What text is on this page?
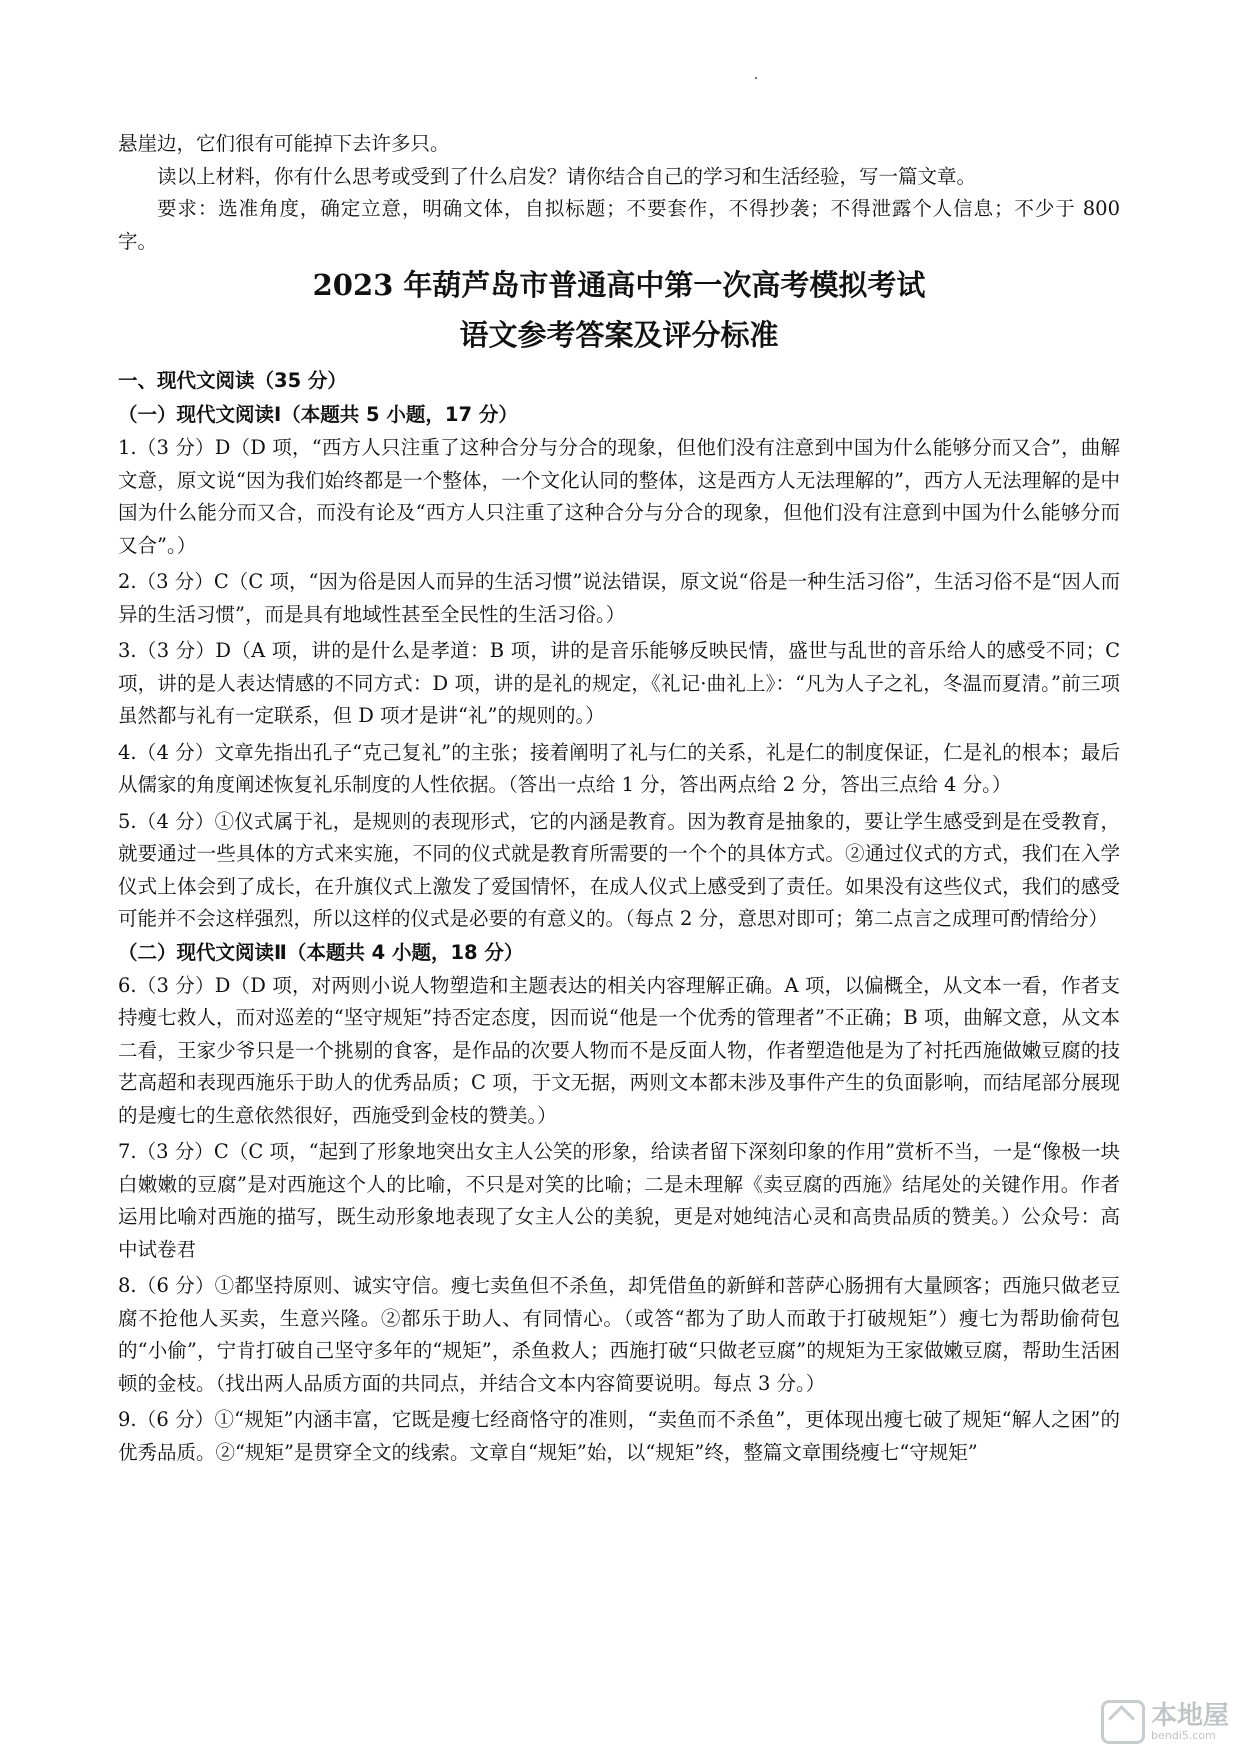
悬崖边，它们很有可能掉下去许多只。

读以上材料，你有什么思考或受到了什么启发？请你结合自己的学习和生活经验，写一篇文章。

要求：选准角度，确定立意，明确文体，自拟标题；不要套作，不得抄袭；不得泄露个人信息；不少于 800 字。

2023 年葫芦岛市普通高中第一次高考模拟考试
语文参考答案及评分标准
一、现代文阅读（35 分）
（一）现代文阅读Ⅰ（本题共 5 小题，17 分）

1.（3 分）D（D 项，“西方人只注重了这种合分与分合的现象，但他们没有注意到中国为什么能够分而又合”，曲解文意，原文说“因为我们始终都是一个整体，一个文化认同的整体，这是西方人无法理解的”，西方人无法理解的是中国为什么能分而又合，而没有论及“西方人只注重了这种合分与分合的现象，但他们没有注意到中国为什么能够分而又合”。）

2.（3 分）C（C 项，“因为俗是因人而异的生活习惯”说法错误，原文说“俗是一种生活习俗”，生活习俗不是“因人而异的生活习惯”，而是具有地域性甚至全民性的生活习俗。）

3.（3 分）D（A 项，讲的是什么是孝道：B 项，讲的是音乐能够反映民情，盛世与乱世的音乐给人的感受不同；C 项，讲的是人表达情感的不同方式：D 项，讲的是礼的规定，《礼记·曲礼上》：“凡为人子之礼，冬温而夏清。”前三项虽然都与礼有一定联系，但 D 项才是讲“礼”的规则的。）

4.（4 分）文章先指出孔子“克己复礼”的主张；接着阐明了礼与仁的关系，礼是仁的制度保证，仁是礼的根本；最后从儒家的角度阐述恢复礼乐制度的人性依据。（答出一点给 1 分，答出两点给 2 分，答出三点给 4 分。）

5.（4 分）①仪式属于礼，是规则的表现形式，它的内涵是教育。因为教育是抽象的，要让学生感受到是在受教育，就要通过一些具体的方式来实施，不同的仪式就是教育所需要的一个个的具体方式。②通过仪式的方式，我们在入学仪式上体会到了成长，在升旗仪式上激发了爱国情怀，在成人仪式上感受到了责任。如果没有这些仪式，我们的感受可能并不会这样强烈，所以这样的仪式是必要的有意义的。（每点 2 分，意思对即可；第二点言之成理可酌情给分）

（二）现代文阅读Ⅱ（本题共 4 小题，18 分）

6.（3 分）D（D 项，对两则小说人物塑造和主题表达的相关内容理解正确。A 项，以偏概全，从文本一看，作者支持瘦七救人，而对巡差的“坚守规矩”持否定态度，因而说“他是一个优秀的管理者”不正确；B 项，曲解文意，从文本二看，王家少爷只是一个挑剔的食客，是作品的次要人物而不是反面人物，作者塑造他是为了衬托西施做嫩豆腐的技艺高超和表现西施乐于助人的优秀品质；C 项，于文无据，两则文本都未涉及事件产生的负面影响，而结尾部分展现的是瘦七的生意依然很好，西施受到金枝的赞美。）

7.（3 分）C（C 项，“起到了形象地突出女主人公笑的形象，给读者留下深刻印象的作用”赏析不当，一是“像极一块白嫩嫩的豆腐”是对西施这个人的比喻，不只是对笑的比喻；二是未理解《卖豆腐的西施》结尾处的关键作用。作者运用比喻对西施的描写，既生动形象地表现了女主人公的美貌，更是对她纯洁心灵和高贵品质的赞美。）公众号：高中试卷君

8.（6 分）①都坚持原则、诚实守信。瘦七卖鱼但不杀鱼，却凭借鱼的新鲜和菩萨心肠拥有大量顾客；西施只做老豆腐不抢他人买卖，生意兴隆。②都乐于助人、有同情心。（或答“都为了助人而敢于打破规矩”）瘦七为帮助偷荷包的“小偷”，宁肯打破自己坚守多年的“规矩”，杀鱼救人；西施打破“只做老豆腐”的规矩为王家做嫩豆腐，帮助生活困顿的金枝。（找出两人品质方面的共同点，并结合文本内容简要说明。每点 3 分。）

9.（6 分）①“规矩”内涵丰富，它既是瘦七经商恪守的准则，“卖鱼而不杀鱼”，更体现出瘦七破了规矩“解人之困”的优秀品质。②“规矩”是贯穿全文的线索。文章自“规矩”始，以“规矩”终，整篇文章围绕瘦七“守规矩”

本地屋
bendi5.com
